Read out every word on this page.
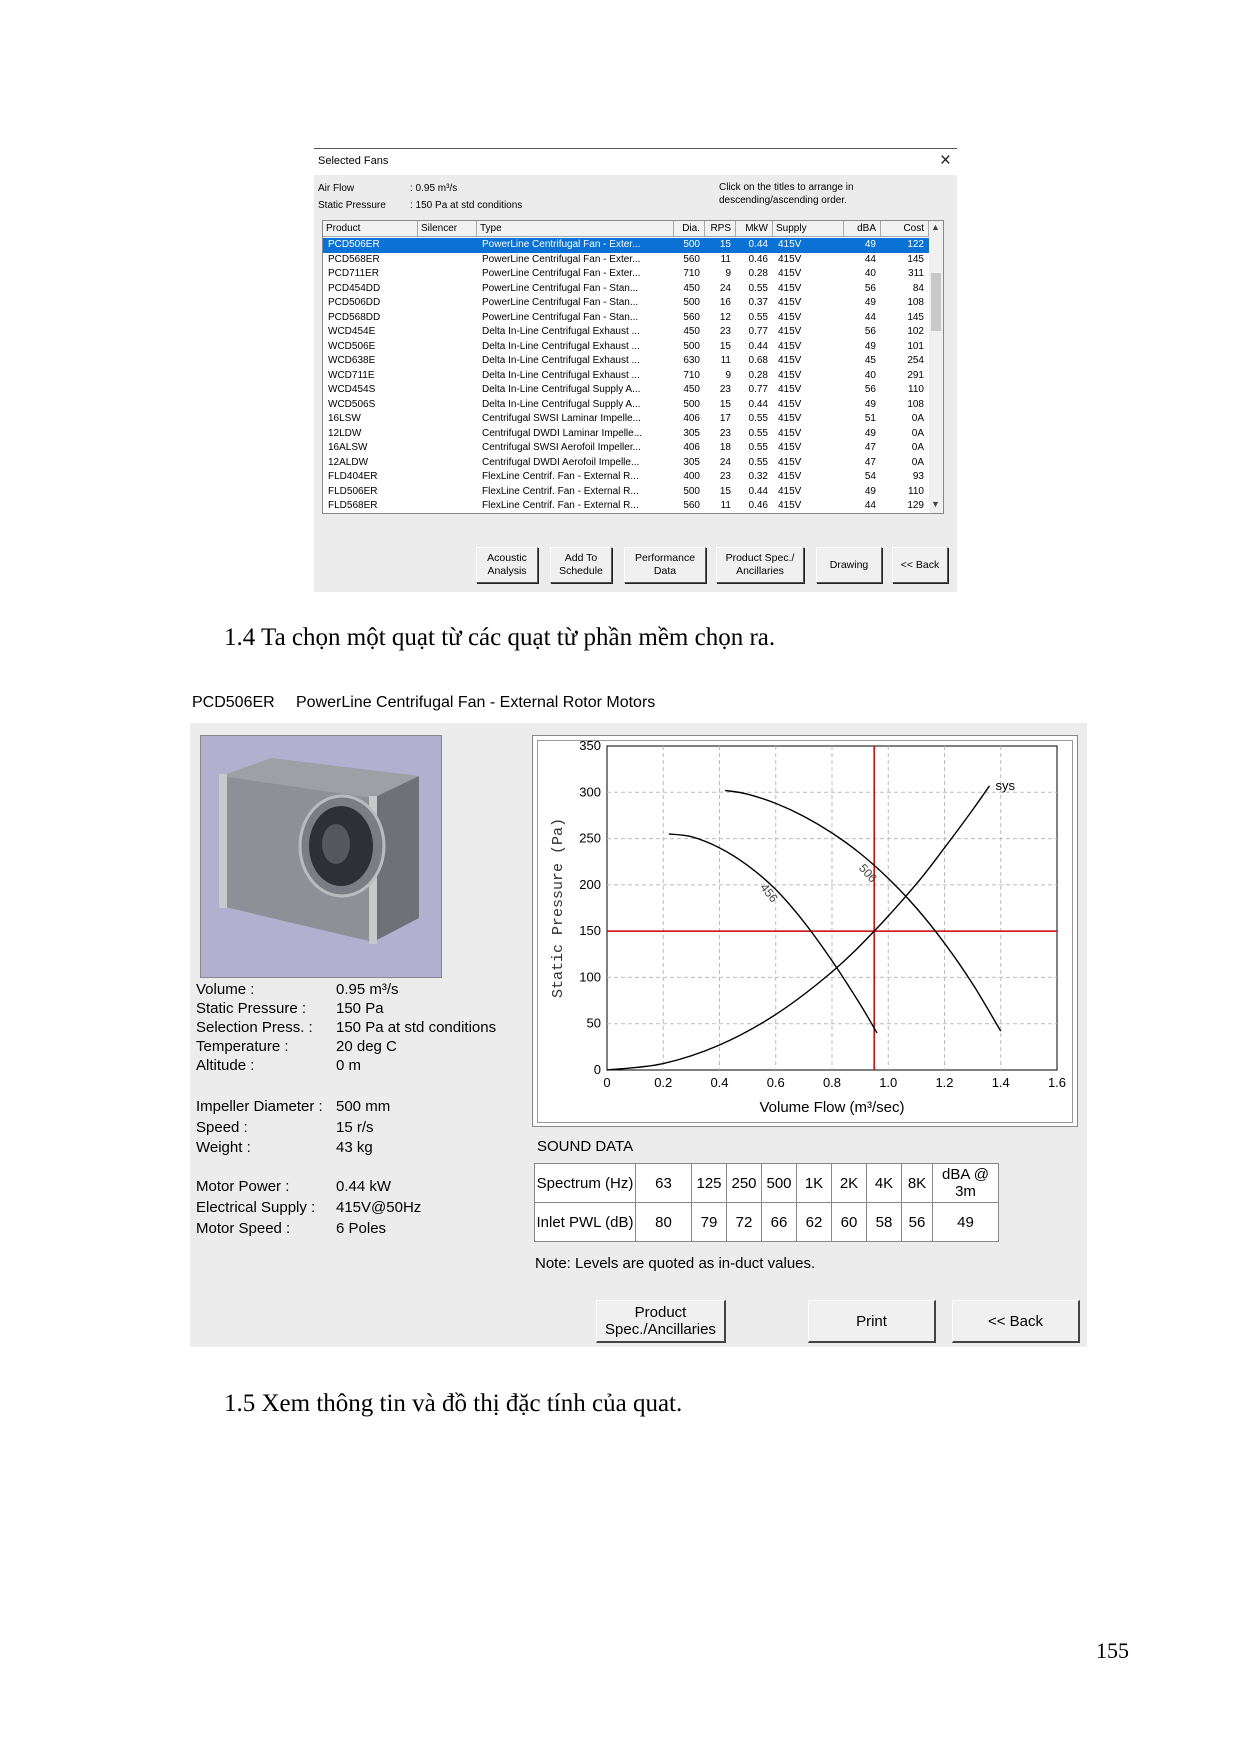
Selected Fans	×
Air Flow	: 0.95 m³/s
Static Pressure : 150 Pa at std conditions
Click on the titles to arrange in
descending/ascending order.
Product	Silencer	Type	Dia.	RPS	MkW Supply	dBA	Cost
PCD506ER	PowerLine Centrifugal Fan - Exter...	500	15	0.44 415V	49	122
PCD568ER	PowerLine Centrifugal Fan - Exter...	560	11	0.46 415V	44	145
PCD711ER	PowerLine Centrifugal Fan - Exter...	710	9	0.28 415V	40	311
PCD454DD	PowerLine Centrifugal Fan - Stan...	450	24	0.55 415V	56	84
PCD506DD	PowerLine Centrifugal Fan - Stan...	500	16	0.37 415V	49	108
PCD568DD	PowerLine Centrifugal Fan - Stan...	560	12	0.55 415V	44	145
WCD454E	Delta In-Line Centrifugal Exhaust ...	450	23	0.77 415V	56	102
WCD506E	Delta In-Line Centrifugal Exhaust ...	500	15	0.44 415V	49	101
WCD638E	Delta In-Line Centrifugal Exhaust ...	630	11	0.68 415V	45	254
WCD711E	Delta In-Line Centrifugal Exhaust ...	710	9	0.28 415V	40	291
WCD454S	Delta In-Line Centrifugal Supply A...	450	23	0.77 415V	56	110
WCD506S	Delta In-Line Centrifugal Supply A...	500	15	0.44 415V	49	108
16LSW	Centrifugal SWSI Laminar Impelle...	406	17	0.55 415V	51	0A
12LDW	Centrifugal DWDI Laminar Impelle...	305	23	0.55 415V	49	0A
16ALSW	Centrifugal SWSI Aerofoil Impeller...	406	18	0.55 415V	47	0A
12ALDW	Centrifugal DWDI Aerofoil Impelle...	305	24	0.55 415V	47	0A
FLD404ER	FlexLine Centrif. Fan - External R...	400	23	0.32 415V	54	93
FLD506ER	FlexLine Centrif. Fan - External R...	500	15	0.44 415V	49	110
FLD568ER	FlexLine Centrif. Fan - External R...	560	11	0.46 415V	44	129
▲
▼
Acoustic
Analysis
Add To
Schedule
Performance
Data
Product Spec./
Ancillaries
Drawing	<< Back
1.4 Ta chọn một quạt từ các quạt từ phần mềm chọn ra.
PCD506ER PowerLine Centrifugal Fan - External Rotor Motors
Volume :	0.95 m³/s
Static Pressure : 150 Pa
Selection Press. : 150 Pa at std conditions
Temperature :	20 deg C
Altitude :	0 m
Impeller Diameter : 500 mm
Speed :	15 r/s
Weight :	43 kg
Motor Power :	0.44 kW
Electrical Supply : 415V@50Hz
Motor Speed :	6 Poles
0	0.2	0.4	0.6	0.8	1.0	1.2	1.4	1.6
0
50
100
150
200
250
300
350
sys
456
506
Volume Flow (m³/sec)
Static Pressure (Pa)
SOUND DATA
Spectrum (Hz)	63	125	250	500	1K	2K	4K	8K	dBA @ 3m
Inlet PWL (dB)	80	79	72	66	62	60	58	56	49
Note: Levels are quoted as in-duct values.
Product
Spec./Ancillaries	Print	<< Back
1.5 Xem thông tin và đồ thị đặc tính của quat.
155
